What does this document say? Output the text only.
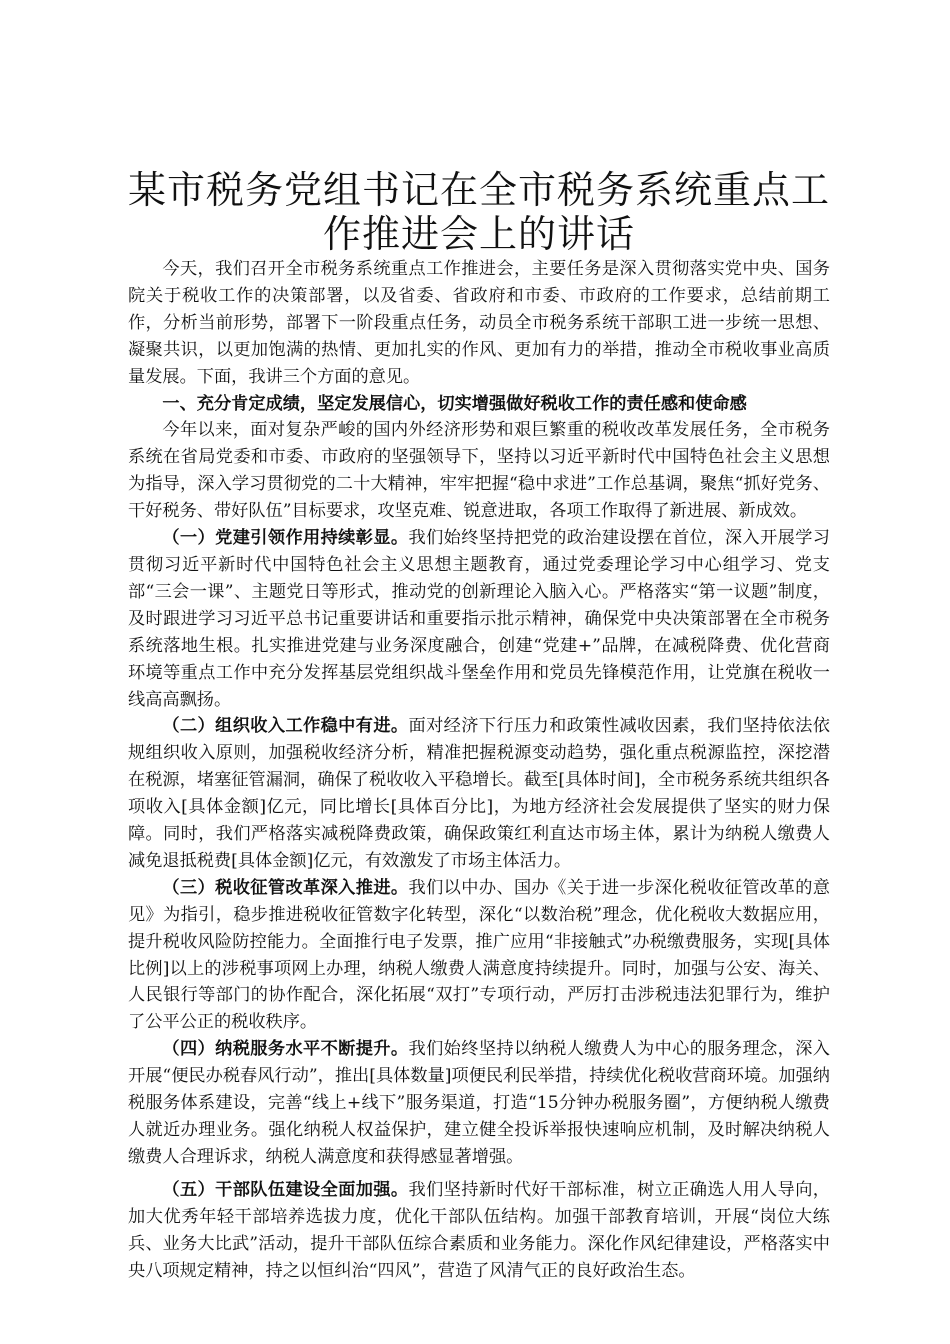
某市税务党组书记在全市税务系统重点工作推进会上的讲话

今天，我们召开全市税务系统重点工作推进会，主要任务是深入贯彻落实党中央、国务院关于税收工作的决策部署，以及省委、省政府和市委、市政府的工作要求，总结前期工作，分析当前形势，部署下一阶段重点任务，动员全市税务系统干部职工进一步统一思想、凝聚共识，以更加饱满的热情、更加扎实的作风、更加有力的举措，推动全市税收事业高质量发展。下面，我讲三个方面的意见。

一、充分肯定成绩，坚定发展信心，切实增强做好税收工作的责任感和使命感

今年以来，面对复杂严峻的国内外经济形势和艰巨繁重的税收改革发展任务，全市税务系统在省局党委和市委、市政府的坚强领导下，坚持以习近平新时代中国特色社会主义思想为指导，深入学习贯彻党的二十大精神，牢牢把握“稳中求进”工作总基调，聚焦“抓好党务、干好税务、带好队伍”目标要求，攻坚克难、锐意进取，各项工作取得了新进展、新成效。

（一）党建引领作用持续彰显。我们始终坚持把党的政治建设摆在首位，深入开展学习贯彻习近平新时代中国特色社会主义思想主题教育，通过党委理论学习中心组学习、党支部“三会一课”、主题党日等形式，推动党的创新理论入脑入心。严格落实“第一议题”制度，及时跟进学习习近平总书记重要讲话和重要指示批示精神，确保党中央决策部署在全市税务系统落地生根。扎实推进党建与业务深度融合，创建“党建+”品牌，在减税降费、优化营商环境等重点工作中充分发挥基层党组织战斗堡垒作用和党员先锋模范作用，让党旗在税收一线高高飘扬。

（二）组织收入工作稳中有进。面对经济下行压力和政策性减收因素，我们坚持依法依规组织收入原则，加强税收经济分析，精准把握税源变动趋势，强化重点税源监控，深挖潜在税源，堵塞征管漏洞，确保了税收收入平稳增长。截至[具体时间]，全市税务系统共组织各项收入[具体金额]亿元，同比增长[具体百分比]，为地方经济社会发展提供了坚实的财力保障。同时，我们严格落实减税降费政策，确保政策红利直达市场主体，累计为纳税人缴费人减免退抵税费[具体金额]亿元，有效激发了市场主体活力。

（三）税收征管改革深入推进。我们以中办、国办《关于进一步深化税收征管改革的意见》为指引，稳步推进税收征管数字化转型，深化“以数治税”理念，优化税收大数据应用，提升税收风险防控能力。全面推行电子发票，推广应用“非接触式”办税缴费服务，实现[具体比例]以上的涉税事项网上办理，纳税人缴费人满意度持续提升。同时，加强与公安、海关、人民银行等部门的协作配合，深化拓展“双打”专项行动，严厉打击涉税违法犯罪行为，维护了公平公正的税收秩序。

（四）纳税服务水平不断提升。我们始终坚持以纳税人缴费人为中心的服务理念，深入开展“便民办税春风行动”，推出[具体数量]项便民利民举措，持续优化税收营商环境。加强纳税服务体系建设，完善“线上+线下”服务渠道，打造“15分钟办税服务圈”，方便纳税人缴费人就近办理业务。强化纳税人权益保护，建立健全投诉举报快速响应机制，及时解决纳税人缴费人合理诉求，纳税人满意度和获得感显著增强。

（五）干部队伍建设全面加强。我们坚持新时代好干部标准，树立正确选人用人导向，加大优秀年轻干部培养选拔力度，优化干部队伍结构。加强干部教育培训，开展“岗位大练兵、业务大比武”活动，提升干部队伍综合素质和业务能力。深化作风纪律建设，严格落实中央八项规定精神，持之以恒纠治“四风”，营造了风清气正的良好政治生态。
